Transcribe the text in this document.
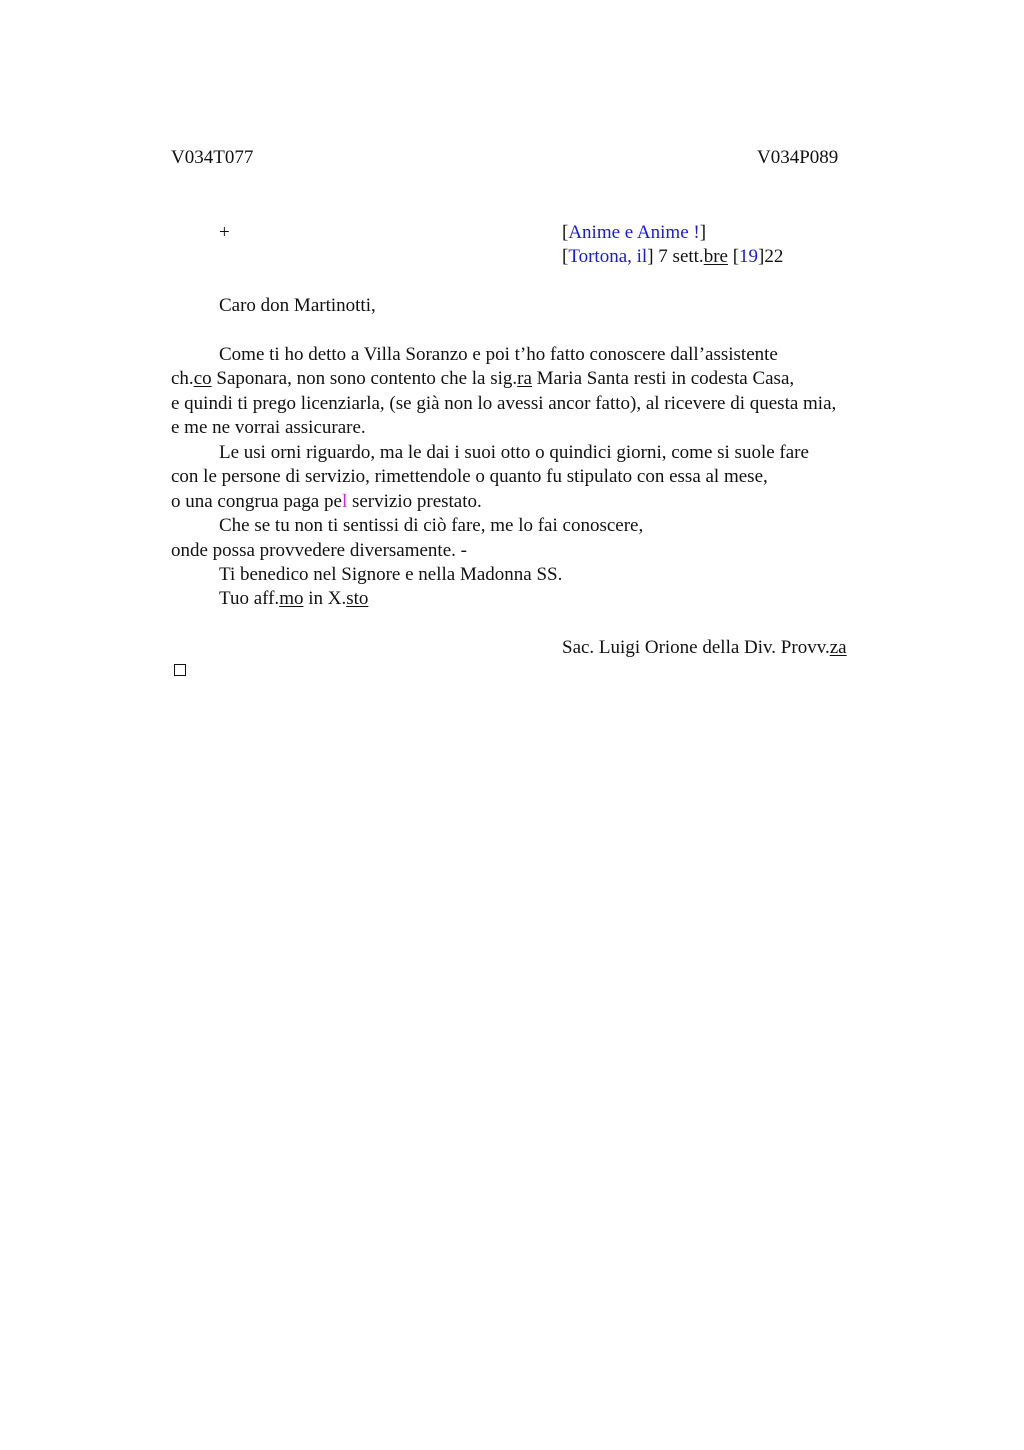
V034T077	V034P089
+	[Anime e Anime !]
[Tortona, il] 7 sett.bre [19]22
Caro don Martinotti,
Come ti ho detto a Villa Soranzo e poi t’ho fatto conoscere dall’assistente
ch.co Saponara, non sono contento che la sig.ra Maria Santa resti in codesta Casa,
e quindi ti prego licenziarla, (se già non lo avessi ancor fatto), al ricevere di questa mia,
e me ne vorrai assicurare.
Le usi orni riguardo, ma le dai i suoi otto o quindici giorni, come si suole fare
con le persone di servizio, rimettendole o quanto fu stipulato con essa al mese,
o una congrua paga pel servizio prestato.
Che se tu non ti sentissi di ciò fare, me lo fai conoscere,
onde possa provvedere diversamente. -
Ti benedico nel Signore e nella Madonna SS.
Tuo aff.mo in X.sto
Sac. Luigi Orione della Div. Provv.za
